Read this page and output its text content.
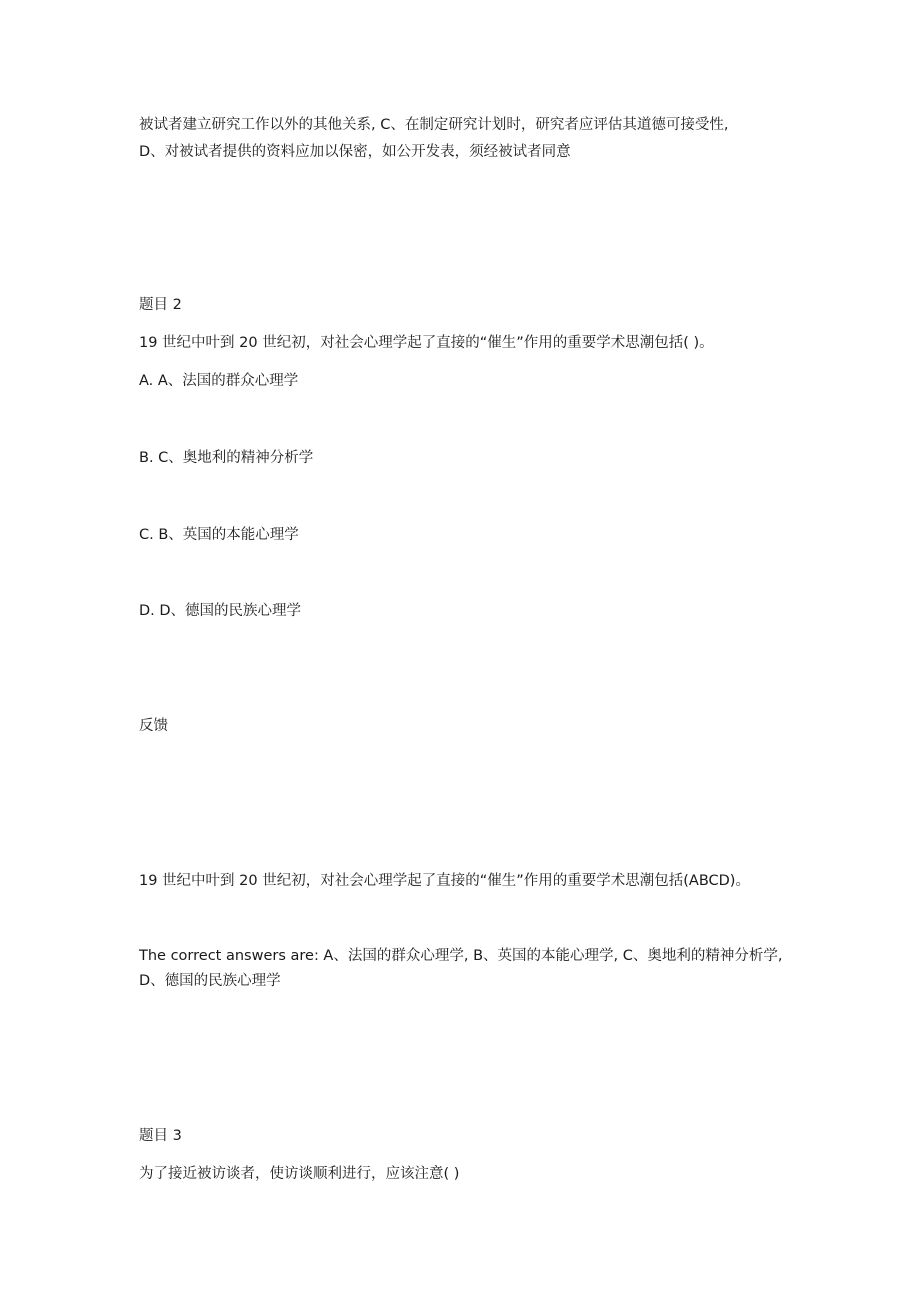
被试者建立研究工作以外的其他关系, C、在制定研究计划时，研究者应评估其道德可接受性,
D、对被试者提供的资料应加以保密，如公开发表，须经被试者同意
题目 2
19 世纪中叶到 20 世纪初，对社会心理学起了直接的“催生”作用的重要学术思潮包括( )。
A. A、法国的群众心理学
B. C、奥地利的精神分析学
C. B、英国的本能心理学
D. D、德国的民族心理学
反馈
19 世纪中叶到 20 世纪初，对社会心理学起了直接的“催生”作用的重要学术思潮包括(ABCD)。
The correct answers are: A、法国的群众心理学, B、英国的本能心理学, C、奥地利的精神分析学, D、德国的民族心理学
题目 3
为了接近被访谈者，使访谈顺利进行，应该注意( )
